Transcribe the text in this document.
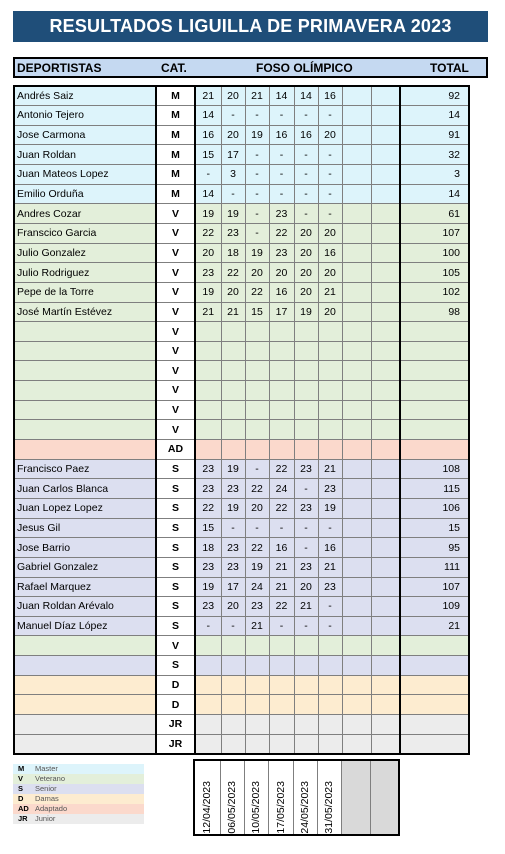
RESULTADOS LIGUILLA DE PRIMAVERA 2023
DEPORTISTAS	CAT.	FOSO OLÍMPICO	TOTAL
Andrés Saiz	M	21	20	21	14	14	16			92
Antonio Tejero	M	14	-	-	-	-	-			14
Jose Carmona	M	16	20	19	16	16	20			91
Juan Roldan	M	15	17	-	-	-	-			32
Juan Mateos Lopez	M	-	3	-	-	-	-			3
Emilio Orduña	M	14	-	-	-	-	-			14
Andres Cozar	V	19	19	-	23	-	-			61
Franscico Garcia	V	22	23	-	22	20	20			107
Julio Gonzalez	V	20	18	19	23	20	16			100
Julio Rodriguez	V	23	22	20	20	20	20			105
Pepe de la Torre	V	19	20	22	16	20	21			102
José Martín Estévez	V	21	21	15	17	19	20			98
	V									
	V									
	V									
	V									
	V									
	V									
	AD									
Francisco Paez	S	23	19	-	22	23	21			108
Juan Carlos Blanca	S	23	23	22	24	-	23			115
Juan Lopez Lopez	S	22	19	20	22	23	19			106
Jesus Gil	S	15	-	-	-	-	-			15
Jose Barrio	S	18	23	22	16	-	16			95
Gabriel Gonzalez	S	23	23	19	21	23	21			111
Rafael Marquez	S	19	17	24	21	20	23			107
Juan Roldan Arévalo	S	23	20	23	22	21	-			109
Manuel Díaz López	S	-	-	21	-	-	-			21
	V									
	S									
	D									
	D									
	JR									
	JR									
12/04/2023	06/05/2023	10/05/2023	17/05/2023	24/05/2023	31/05/2023

M Master
V Veterano
S Senior
D Damas
AD Adaptado
JR Junior
